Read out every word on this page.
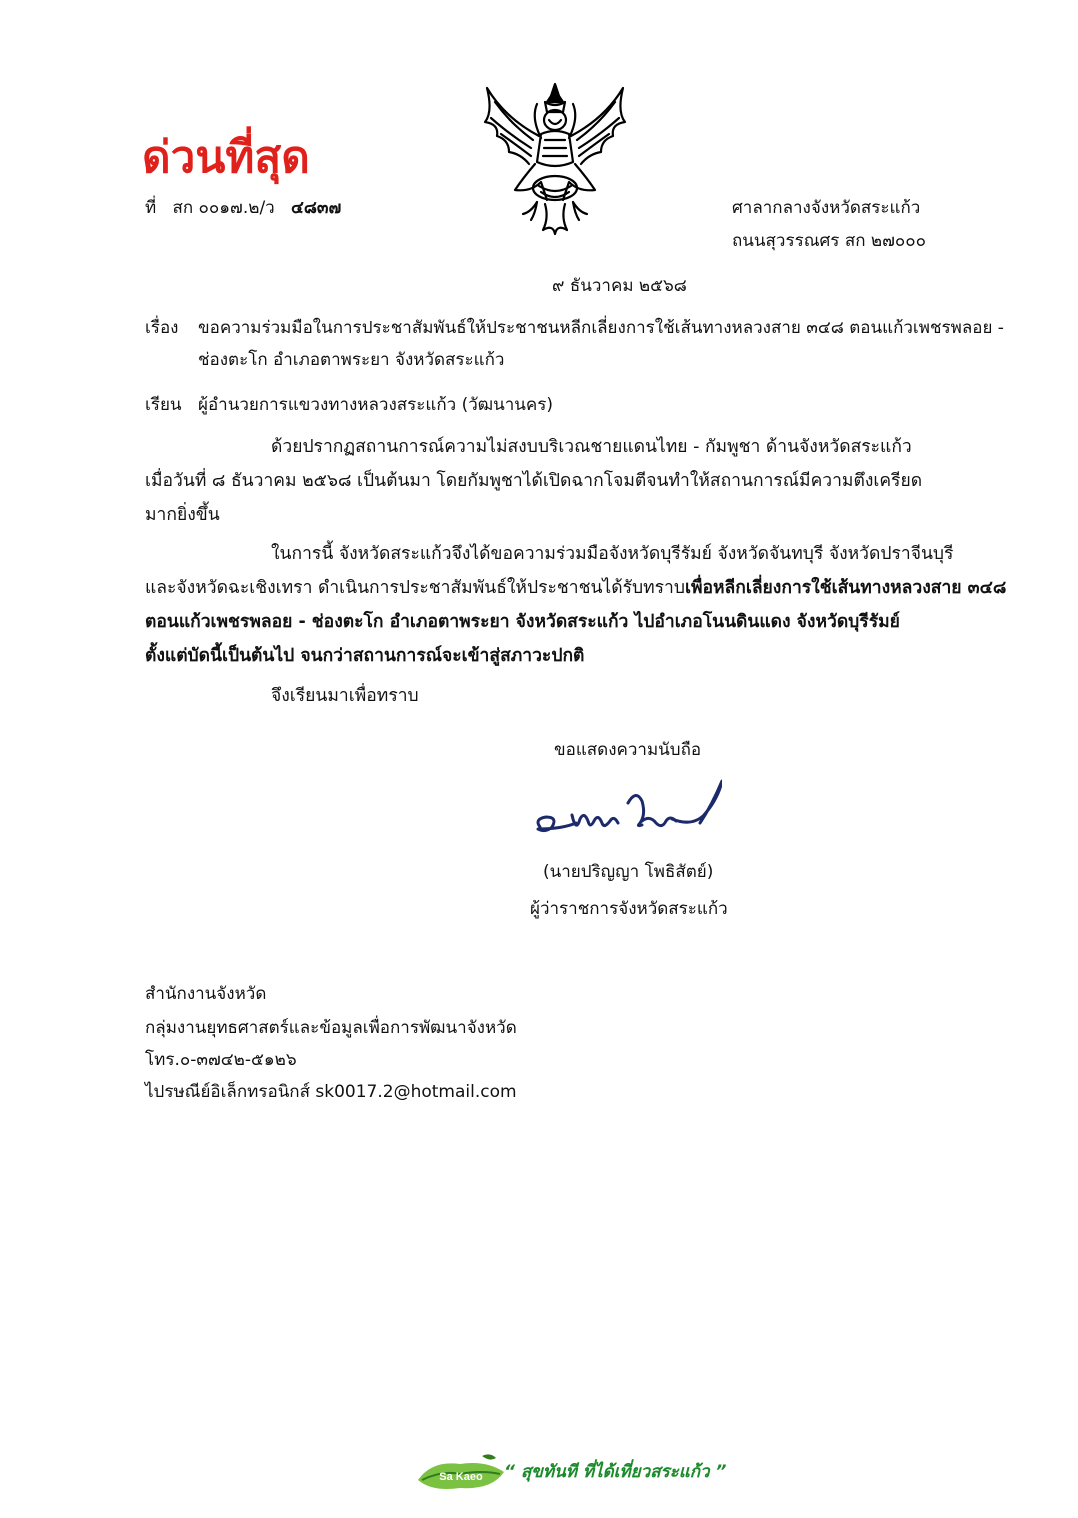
ด่วนที่สุด
ที่ สก ๐๐๑๗.๒/ว ๔๘๓๗	ศาลากลางจังหวัดสระแก้ว
ถนนสุวรรณศร สก ๒๗๐๐๐
๙ ธันวาคม ๒๕๖๘
เรื่อง ขอความร่วมมือในการประชาสัมพันธ์ให้ประชาชนหลีกเลี่ยงการใช้เส้นทางหลวงสาย ๓๔๘ ตอนแก้วเพชรพลอย -
ช่องตะโก อำเภอตาพระยา จังหวัดสระแก้ว
เรียน ผู้อำนวยการแขวงทางหลวงสระแก้ว (วัฒนานคร)
ด้วยปรากฏสถานการณ์ความไม่สงบบริเวณชายแดนไทย - กัมพูชา ด้านจังหวัดสระแก้ว
เมื่อวันที่ ๘ ธันวาคม ๒๕๖๘ เป็นต้นมา โดยกัมพูชาได้เปิดฉากโจมตีจนทำให้สถานการณ์มีความตึงเครียด
มากยิ่งขึ้น
ในการนี้ จังหวัดสระแก้วจึงได้ขอความร่วมมือจังหวัดบุรีรัมย์ จังหวัดจันทบุรี จังหวัดปราจีนบุรี
และจังหวัดฉะเชิงเทรา ดำเนินการประชาสัมพันธ์ให้ประชาชนได้รับทราบเพื่อหลีกเลี่ยงการใช้เส้นทางหลวงสาย ๓๔๘
ตอนแก้วเพชรพลอย - ช่องตะโก อำเภอตาพระยา จังหวัดสระแก้ว ไปอำเภอโนนดินแดง จังหวัดบุรีรัมย์
ตั้งแต่บัดนี้เป็นต้นไป จนกว่าสถานการณ์จะเข้าสู่สภาวะปกติ
จึงเรียนมาเพื่อทราบ
ขอแสดงความนับถือ
(นายปริญญา โพธิสัตย์)
ผู้ว่าราชการจังหวัดสระแก้ว
สำนักงานจังหวัด
กลุ่มงานยุทธศาสตร์และข้อมูลเพื่อการพัฒนาจังหวัด
โทร.๐-๓๗๔๒-๕๑๒๖
ไปรษณีย์อิเล็กทรอนิกส์ sk0017.2@hotmail.com
Sa Kaeo “ สุขทันที ที่ได้เที่ยวสระแก้ว ”
